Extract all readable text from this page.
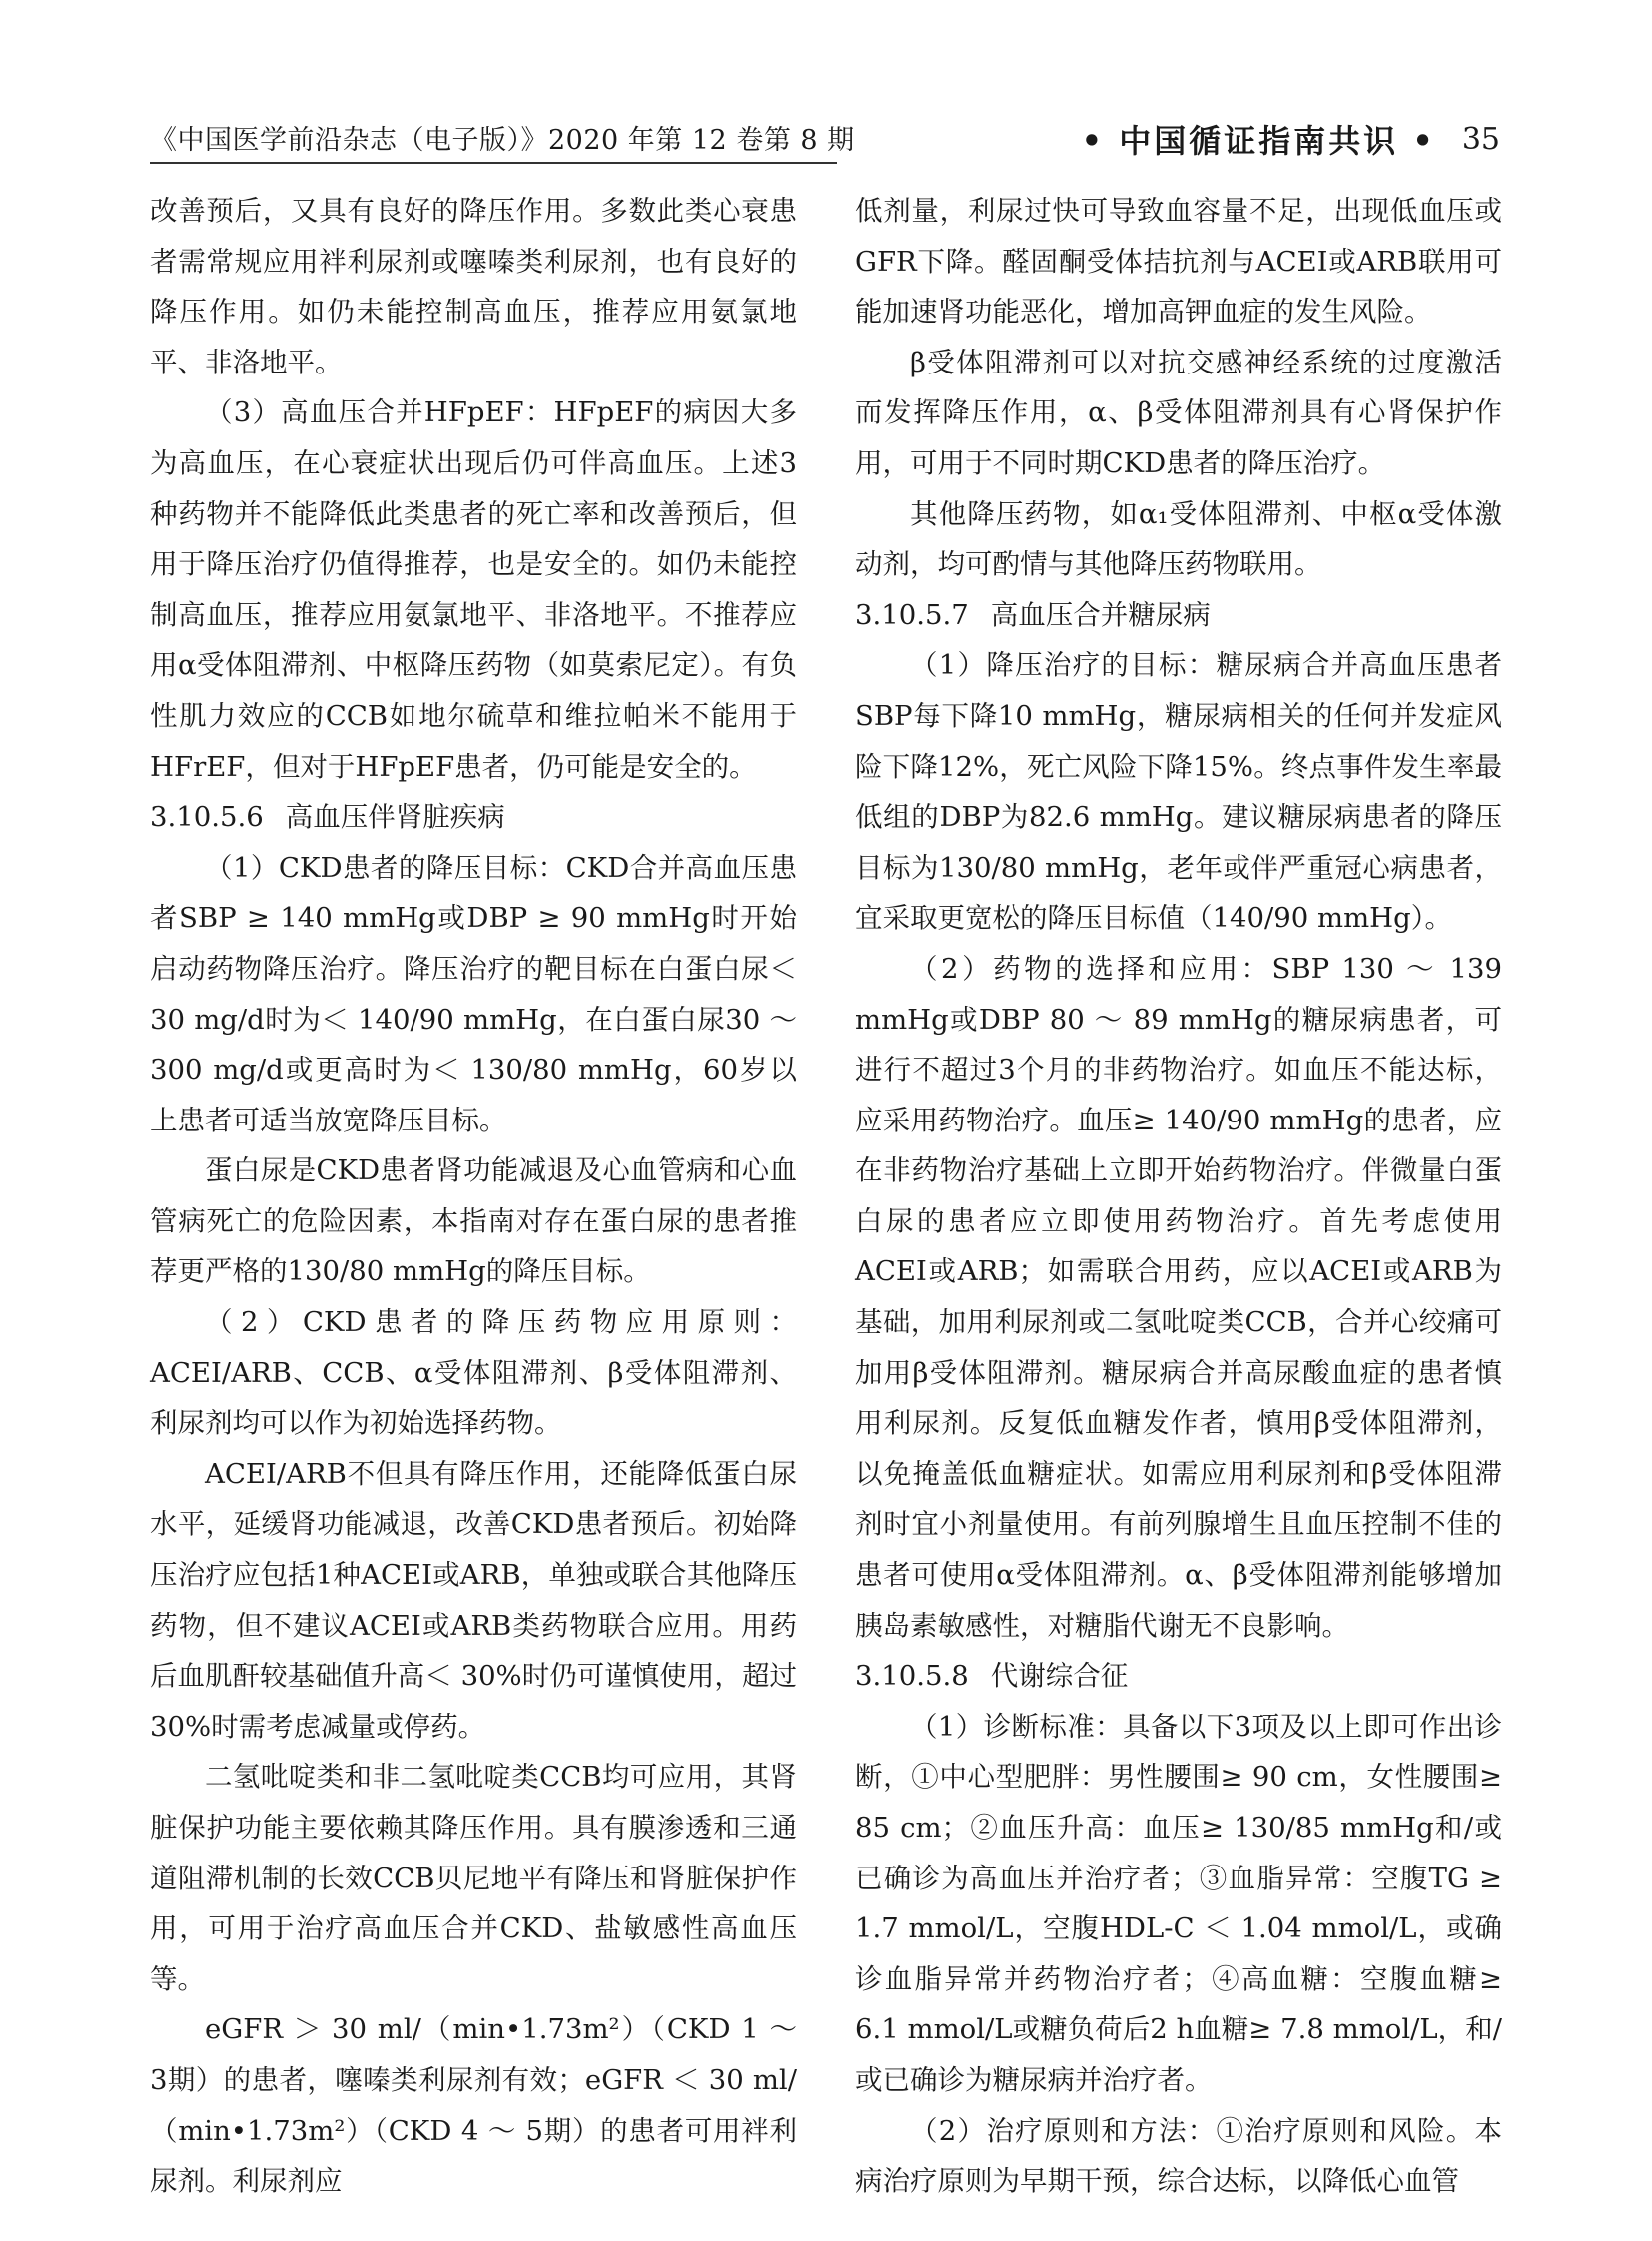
《中国医学前沿杂志（电子版）》2020 年第 12 卷第 8 期	• 中国循证指南共识 • 35

改善预后，又具有良好的降压作用。多数此类心衰患者需常规应用袢利尿剂或噻嗪类利尿剂，也有良好的降压作用。如仍未能控制高血压，推荐应用氨氯地平、非洛地平。

（3）高血压合并HFpEF：HFpEF的病因大多为高血压，在心衰症状出现后仍可伴高血压。上述3种药物并不能降低此类患者的死亡率和改善预后，但用于降压治疗仍值得推荐，也是安全的。如仍未能控制高血压，推荐应用氨氯地平、非洛地平。不推荐应用α受体阻滞剂、中枢降压药物（如莫索尼定）。有负性肌力效应的CCB如地尔硫草和维拉帕米不能用于HFrEF，但对于HFpEF患者，仍可能是安全的。

3.10.5.6 高血压伴肾脏疾病

（1）CKD患者的降压目标：CKD合并高血压患者SBP ≥ 140 mmHg或DBP ≥ 90 mmHg时开始启动药物降压治疗。降压治疗的靶目标在白蛋白尿＜ 30 mg/d时为＜ 140/90 mmHg，在白蛋白尿30 ～ 300 mg/d或更高时为＜ 130/80 mmHg，60岁以上患者可适当放宽降压目标。

蛋白尿是CKD患者肾功能减退及心血管病和心血管病死亡的危险因素，本指南对存在蛋白尿的患者推荐更严格的130/80 mmHg的降压目标。

（2）CKD患者的降压药物应用原则：ACEI/ARB、CCB、α受体阻滞剂、β受体阻滞剂、利尿剂均可以作为初始选择药物。

ACEI/ARB不但具有降压作用，还能降低蛋白尿水平，延缓肾功能减退，改善CKD患者预后。初始降压治疗应包括1种ACEI或ARB，单独或联合其他降压药物，但不建议ACEI或ARB类药物联合应用。用药后血肌酐较基础值升高＜ 30%时仍可谨慎使用，超过30%时需考虑减量或停药。

二氢吡啶类和非二氢吡啶类CCB均可应用，其肾脏保护功能主要依赖其降压作用。具有膜渗透和三通道阻滞机制的长效CCB贝尼地平有降压和肾脏保护作用，可用于治疗高血压合并CKD、盐敏感性高血压等。

eGFR ＞ 30 ml/（min•1.73m²）（CKD 1 ～ 3期）的患者，噻嗪类利尿剂有效；eGFR ＜ 30 ml/（min•1.73m²）（CKD 4 ～ 5期）的患者可用袢利尿剂。利尿剂应

低剂量，利尿过快可导致血容量不足，出现低血压或GFR下降。醛固酮受体拮抗剂与ACEI或ARB联用可能加速肾功能恶化，增加高钾血症的发生风险。

β受体阻滞剂可以对抗交感神经系统的过度激活而发挥降压作用，α、β受体阻滞剂具有心肾保护作用，可用于不同时期CKD患者的降压治疗。

其他降压药物，如α₁受体阻滞剂、中枢α受体激动剂，均可酌情与其他降压药物联用。

3.10.5.7 高血压合并糖尿病

（1）降压治疗的目标：糖尿病合并高血压患者SBP每下降10 mmHg，糖尿病相关的任何并发症风险下降12%，死亡风险下降15%。终点事件发生率最低组的DBP为82.6 mmHg。建议糖尿病患者的降压目标为130/80 mmHg，老年或伴严重冠心病患者，宜采取更宽松的降压目标值（140/90 mmHg）。

（2）药物的选择和应用：SBP 130 ～ 139 mmHg或DBP 80 ～ 89 mmHg的糖尿病患者，可进行不超过3个月的非药物治疗。如血压不能达标，应采用药物治疗。血压≥ 140/90 mmHg的患者，应在非药物治疗基础上立即开始药物治疗。伴微量白蛋白尿的患者应立即使用药物治疗。首先考虑使用ACEI或ARB；如需联合用药，应以ACEI或ARB为基础，加用利尿剂或二氢吡啶类CCB，合并心绞痛可加用β受体阻滞剂。糖尿病合并高尿酸血症的患者慎用利尿剂。反复低血糖发作者，慎用β受体阻滞剂，以免掩盖低血糖症状。如需应用利尿剂和β受体阻滞剂时宜小剂量使用。有前列腺增生且血压控制不佳的患者可使用α受体阻滞剂。α、β受体阻滞剂能够增加胰岛素敏感性，对糖脂代谢无不良影响。

3.10.5.8 代谢综合征

（1）诊断标准：具备以下3项及以上即可作出诊断，①中心型肥胖：男性腰围≥ 90 cm，女性腰围≥ 85 cm；②血压升高：血压≥ 130/85 mmHg和/或已确诊为高血压并治疗者；③血脂异常：空腹TG ≥ 1.7 mmol/L，空腹HDL-C ＜ 1.04 mmol/L，或确诊血脂异常并药物治疗者；④高血糖：空腹血糖≥ 6.1 mmol/L或糖负荷后2 h血糖≥ 7.8 mmol/L，和/或已确诊为糖尿病并治疗者。

（2）治疗原则和方法：①治疗原则和风险。本病治疗原则为早期干预，综合达标，以降低心血管
